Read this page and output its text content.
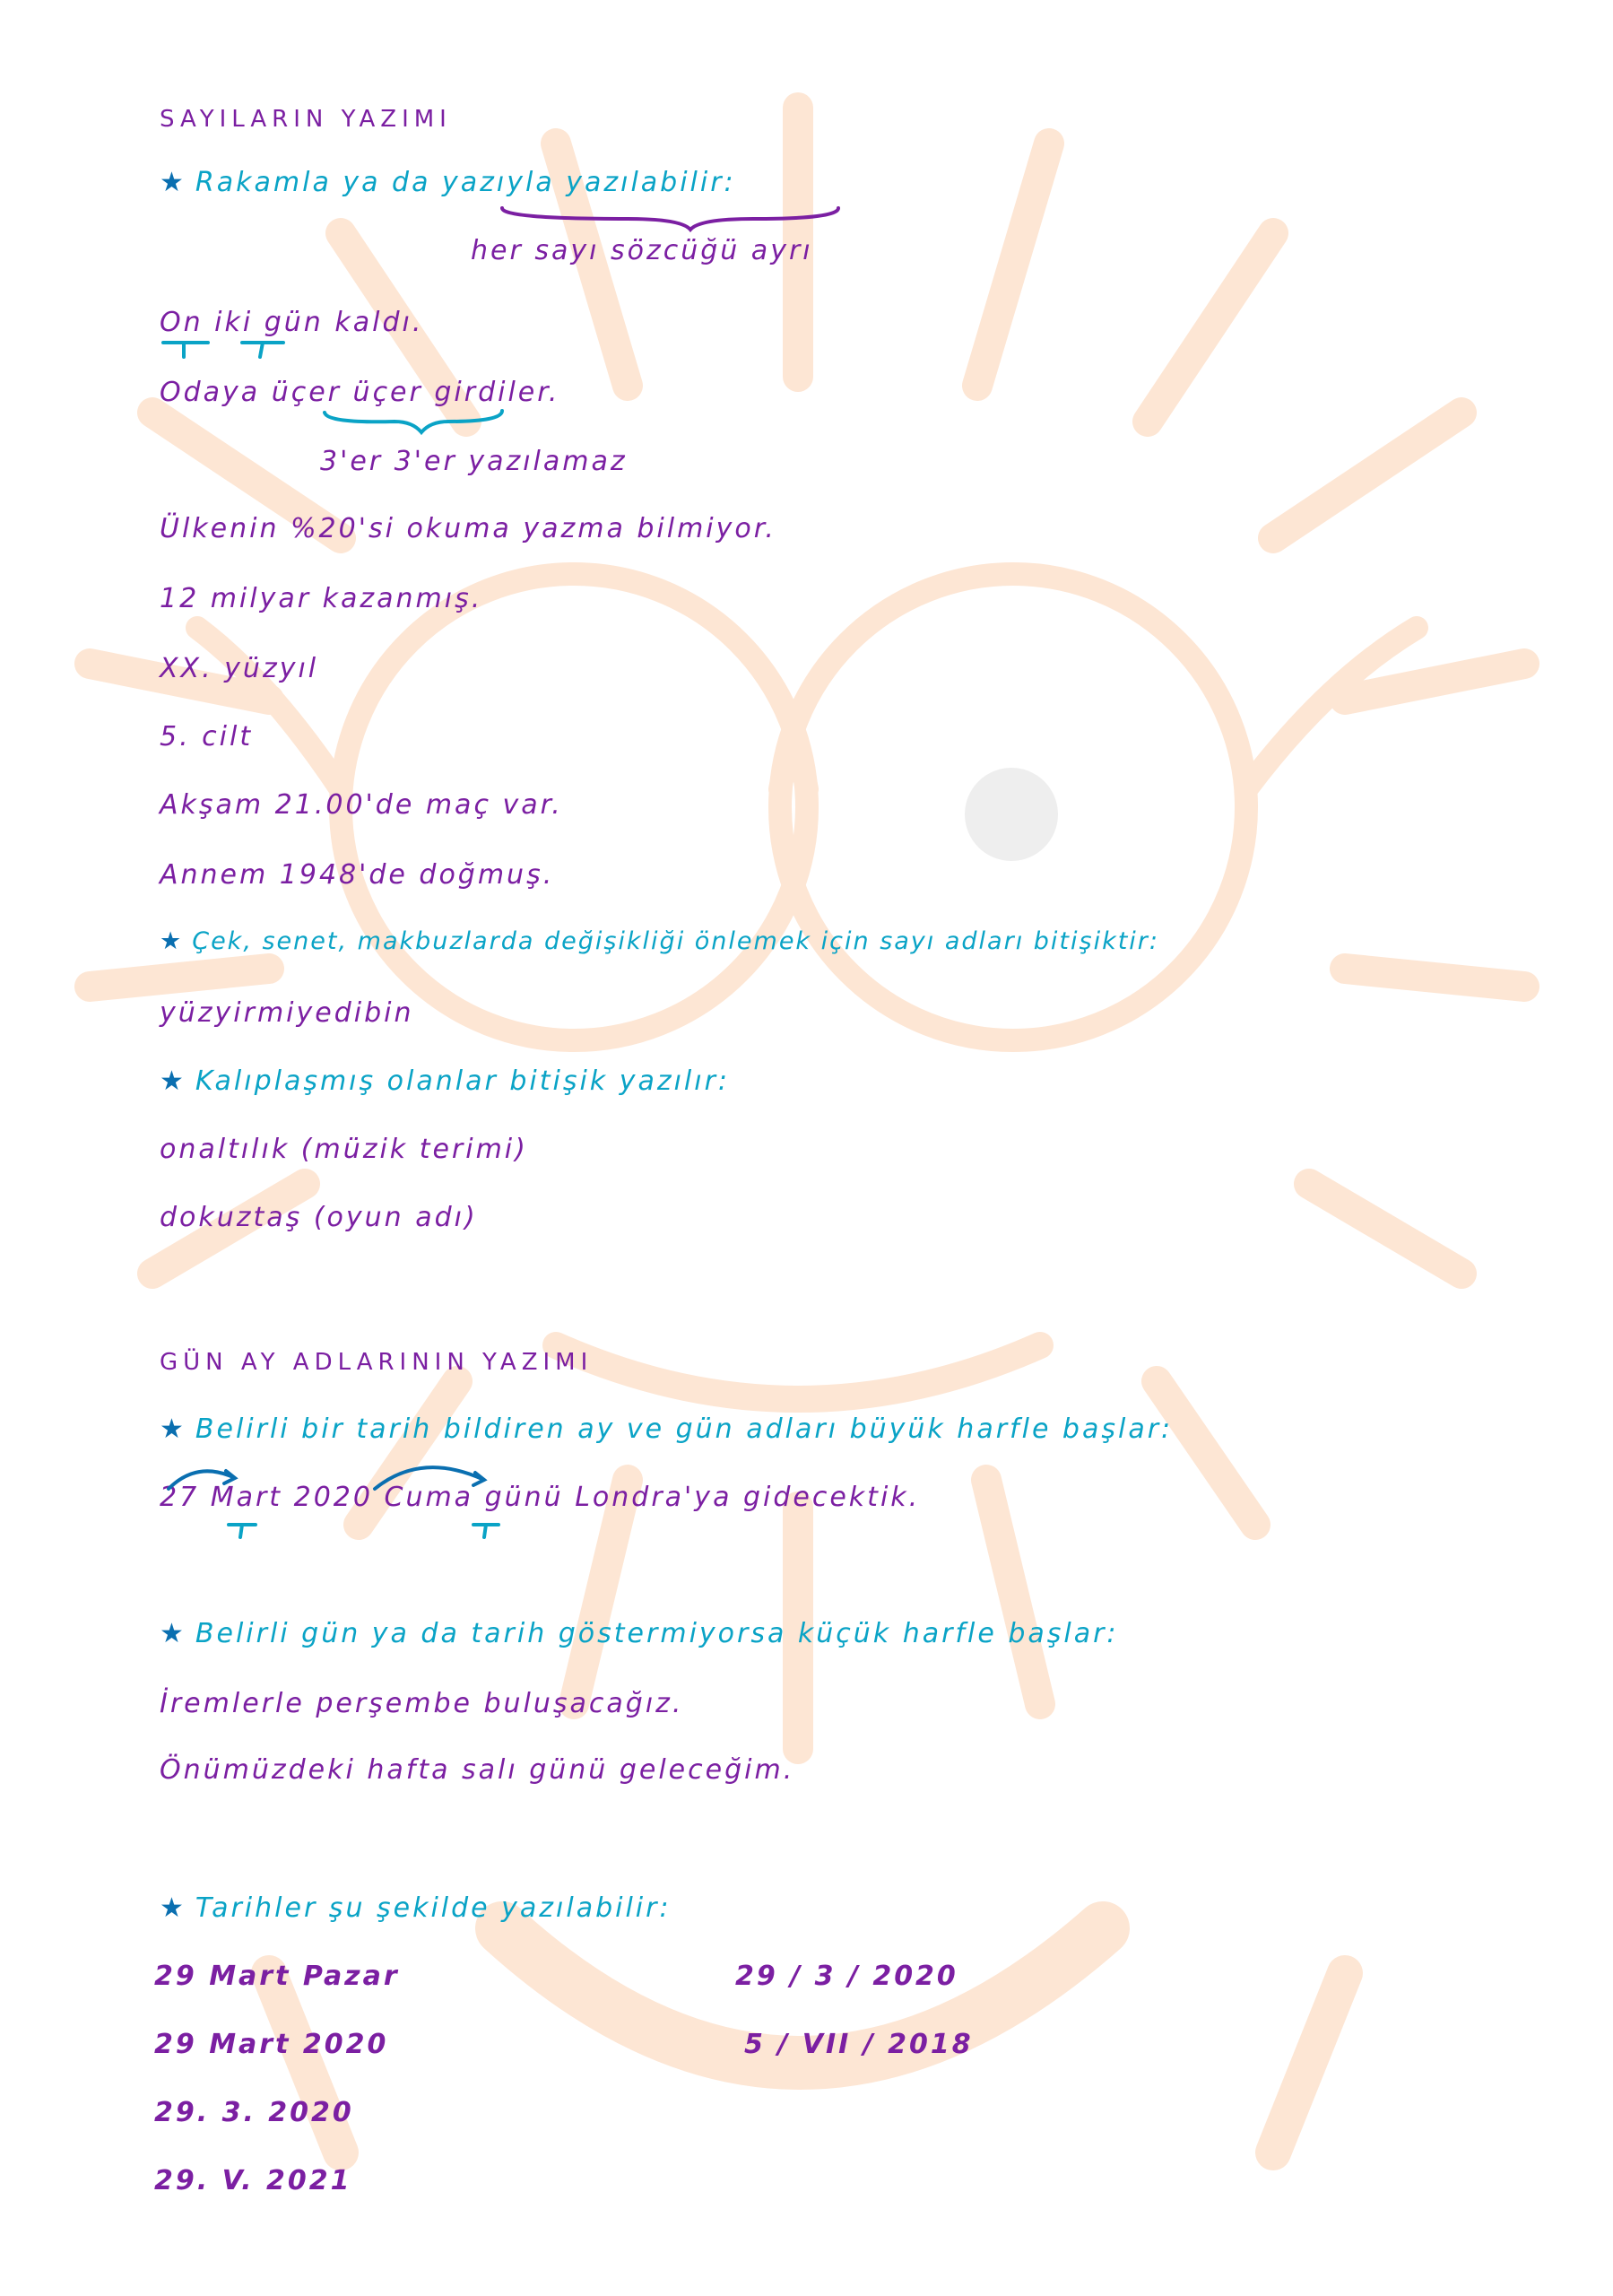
SAYILARIN YAZIMI
★ Rakamla ya da yazıyla yazılabilir:
her sayı sözcüğü ayrı
On iki gün kaldı.
Odaya üçer üçer girdiler.
3'er 3'er yazılamaz
Ülkenin %20'si okuma yazma bilmiyor.
12 milyar kazanmış.
XX. yüzyıl
5. cilt
Akşam 21.00'de maç var.
Annem 1948'de doğmuş.
★ Çek, senet, makbuzlarda değişikliği önlemek için sayı adları bitişiktir:
yüzyirmiyedibin
★ Kalıplaşmış olanlar bitişik yazılır:
onaltılık (müzik terimi)
dokuztaş (oyun adı)
GÜN AY ADLARININ YAZIMI
★ Belirli bir tarih bildiren ay ve gün adları büyük harfle başlar:
27 Mart 2020 Cuma günü Londra'ya gidecektik.
★ Belirli gün ya da tarih göstermiyorsa küçük harfle başlar:
İremlerle perşembe buluşacağız.
Önümüzdeki hafta salı günü geleceğim.
★ Tarihler şu şekilde yazılabilir:
29 Mart Pazar
29 Mart 2020
29. 3. 2020
29. V. 2021
29 / 3 / 2020
5 / VII / 2018
